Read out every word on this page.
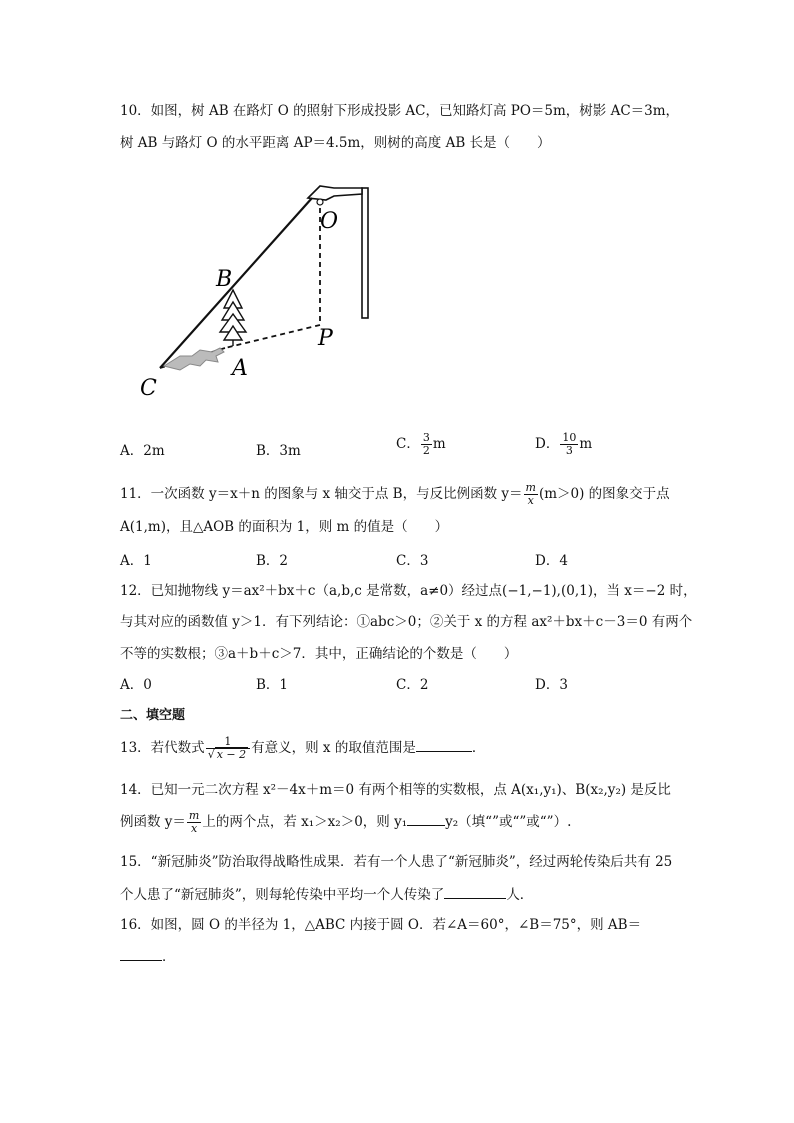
10．如图，树 AB 在路灯 O 的照射下形成投影 AC，已知路灯高 PO＝5m，树影 AC＝3m，
树 AB 与路灯 O 的水平距离 AP＝4.5m，则树的高度 AB 长是（　　）
O
B
P
A
C
A．2m	B．3m	C． $\frac{3}{2}$ m	D． $\frac{10}{3}$ m
11．一次函数 y＝x＋n 的图象与 x 轴交于点 B，与反比例函数 $y= \frac{m}{x} (m>0)$ 的图象交于点
A(1,m)，且△AOB 的面积为 1，则 m 的值是（　　）
A．1	B．2	C．3	D．4
12．已知抛物线 y＝ax²＋bx＋c（a,b,c 是常数，a≠0）经过点(−1,−1),(0,1)，当 x＝−2 时，
与其对应的函数值 y＞1．有下列结论：①abc＞0；②关于 x 的方程 ax²＋bx＋c－3＝0 有两个
不等的实数根；③a＋b＋c＞7．其中，正确结论的个数是（　　）
A．0	B．1	C．2	D．3
二、填空题
13．若代数式 $\frac{1}{√ x - 2}$ 有意义，则 x 的取值范围是	．
14．已知一元二次方程 x²－4x＋m＝0 有两个相等的实数根，点 A(x₁,y₁)、B(x₂,y₂) 是反比
例函数 $y= \frac{m}{x}$ 上的两个点，若 x₁＞x₂＞0，则 y₁	y₂（填“”或“”或“”）.
15．“新冠肺炎”防治取得战略性成果．若有一个人患了“新冠肺炎”，经过两轮传染后共有 25
个人患了“新冠肺炎”，则每轮传染中平均一个人传染了	人．
16．如图，圆 O 的半径为 1，△ABC 内接于圆 O．若∠A＝60°，∠B＝75°，则 AB＝
．
